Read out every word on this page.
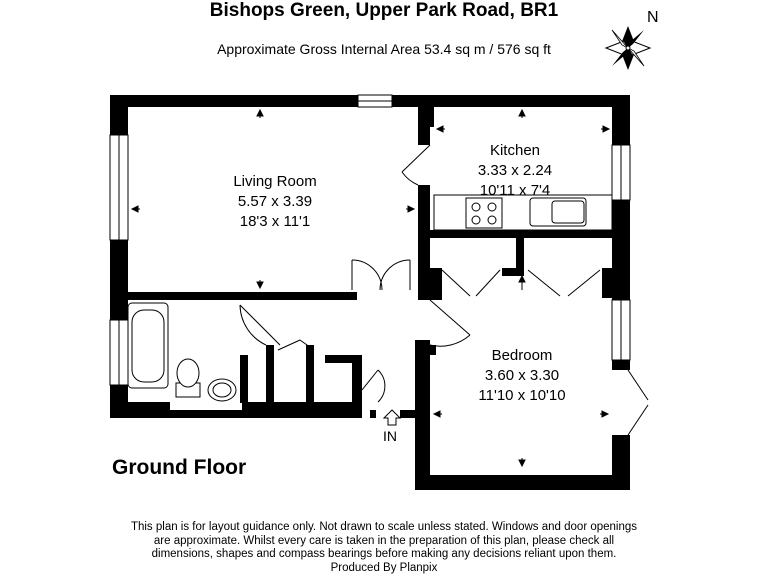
Bishops Green, Upper Park Road, BR1
Approximate Gross Internal Area 53.4 sq m / 576 sq ft
N
Living Room
5.57 x 3.39
18'3 x 11'1
Kitchen
3.33 x 2.24
10'11 x 7'4
Bedroom
3.60 x 3.30
11'10 x 10'10
IN
Ground Floor
This plan is for layout guidance only. Not drawn to scale unless stated. Windows and door openings
are approximate. Whilst every care is taken in the preparation of this plan, please check all
dimensions, shapes and compass bearings before making any decisions reliant upon them.
Produced By Planpix
